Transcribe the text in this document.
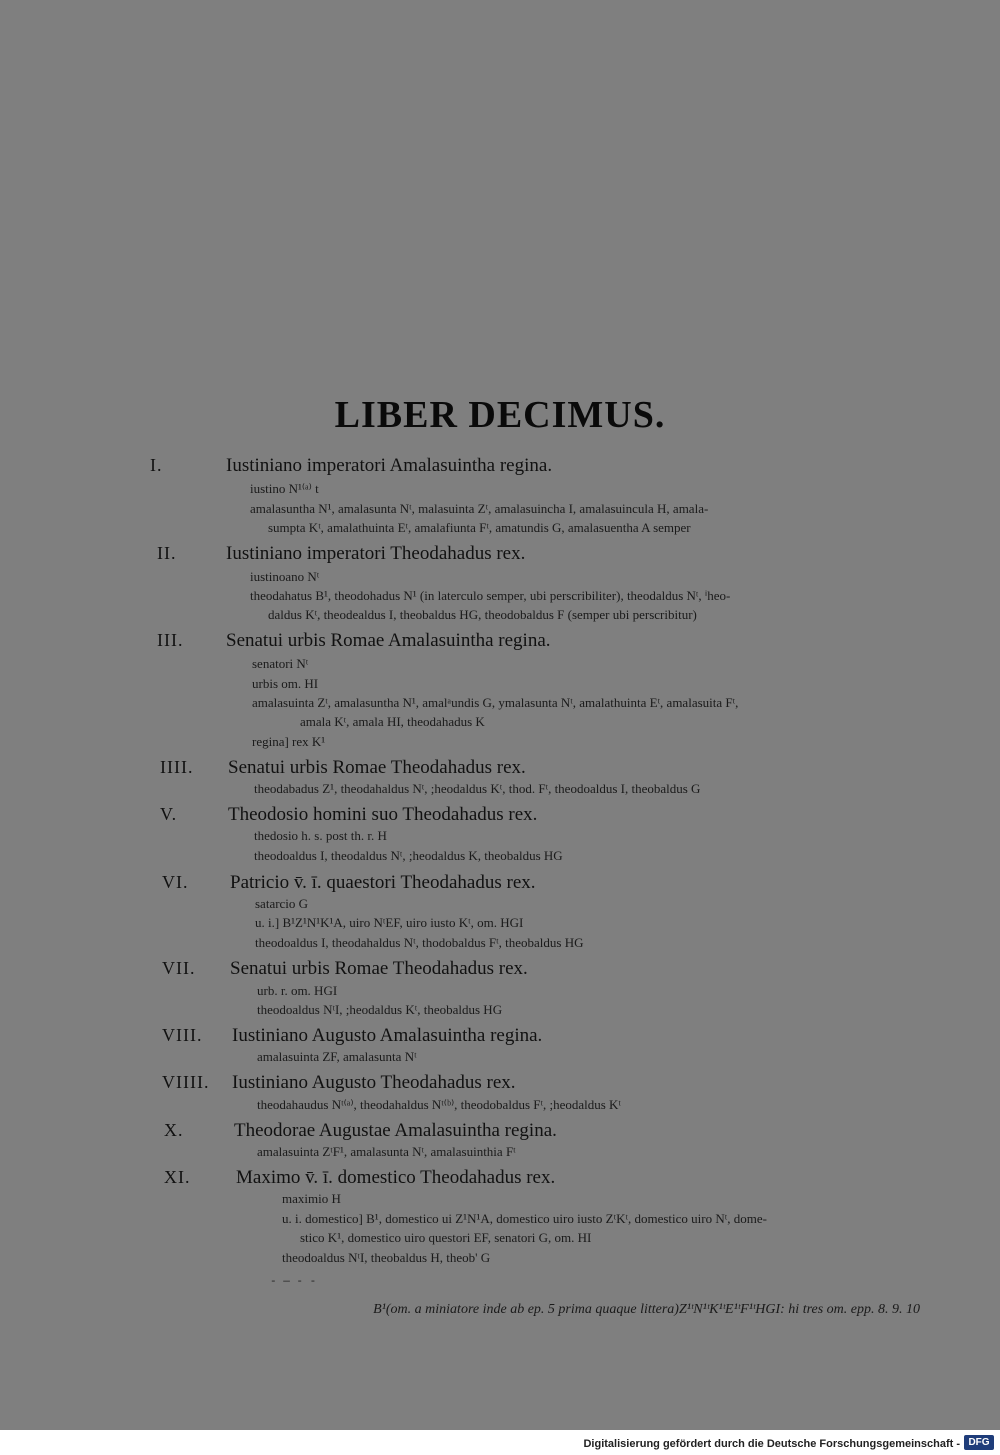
LIBER DECIMUS.
I.	Iustiniano imperatori Amalasuintha regina.
iustino N¹⁽ᵃ⁾ t
amalasuntha N¹, amalasunta Nᵗ, malasuinta Zᵗ, amalasuincha I, amalasuincula H, amala-
sumpta Kᵗ, amalathuinta Eᵗ, amalafiunta Fᵗ, amatundis G, amalasuentha A semper
II.	Iustiniano imperatori Theodahadus rex.
iustinoano Nᵗ
theodahatus B¹, theodohadus N¹ (in laterculo semper, ubi perscribiliter), theodaldus Nᵗ, ⁱheo-
daldus Kᵗ, theodealdus I, theobaldus HG, theodobaldus F (semper ubi perscribitur)
III.	Senatui urbis Romae Amalasuintha regina.
senatori Nᵗ
urbis om. HI
amalasuinta Zᵗ, amalasuntha N¹, amalᵃundis G, ymalasunta Nᵗ, amalathuinta Eᵗ, amalasuita Fᵗ,
amala Kᵗ, amala HI, theodahadus K
regina] rex K¹
IIII.	Senatui urbis Romae Theodahadus rex.
theodabadus Z¹, theodahaldus Nᵗ, ;heodaldus Kᵗ, thod. Fᵗ, theodoaldus I, theobaldus G
V.	Theodosio homini suo Theodahadus rex.
thedosio h. s. post th. r. H
theodoaldus I, theodaldus Nᵗ, ;heodaldus K, theobaldus HG
VI.	Patricio v̄. ī. quaestori Theodahadus rex.
satarcio G
u. i.] B¹Z¹N¹K¹A, uiro NᵗEF, uiro iusto Kᵗ, om. HGI
theodoaldus I, theodahaldus Nᵗ, thodobaldus Fᵗ, theobaldus HG
VII.	Senatui urbis Romae Theodahadus rex.
urb. r. om. HGI
theodoaldus NᵗI, ;heodaldus Kᵗ, theobaldus HG
VIII.	Iustiniano Augusto Amalasuintha regina.
amalasuinta ZF, amalasunta Nᵗ
VIIII.	Iustiniano Augusto Theodahadus rex.
theodahaudus Nᵗ⁽ᵃ⁾, theodahaldus Nᵗ⁽ᵇ⁾, theodobaldus Fᵗ, ;heodaldus Kᵗ
X.	Theodorae Augustae Amalasuintha regina.
amalasuinta ZᵗF¹, amalasunta Nᵗ, amalasuinthia Fᵗ
XI.	Maximo v̄. ī. domestico Theodahadus rex.
maximio H
u. i. domestico] B¹, domestico ui Z¹N¹A, domestico uiro iusto ZᵗKᵗ, domestico uiro Nᵗ, dome-
stico K¹, domestico uiro questori EF, senatori G, om. HI
theodoaldus NᵗI, theobaldus H, theob' G
- — - -
B¹(om. a miniatore inde ab ep. 5 prima quaque littera)Z¹ᵗN¹ᵗK¹ᵗE¹ᵗF¹ᵗHGI: hi tres om. epp. 8. 9. 10
Digitalisierung gefördert durch die Deutsche Forschungsgemeinschaft - DFG
